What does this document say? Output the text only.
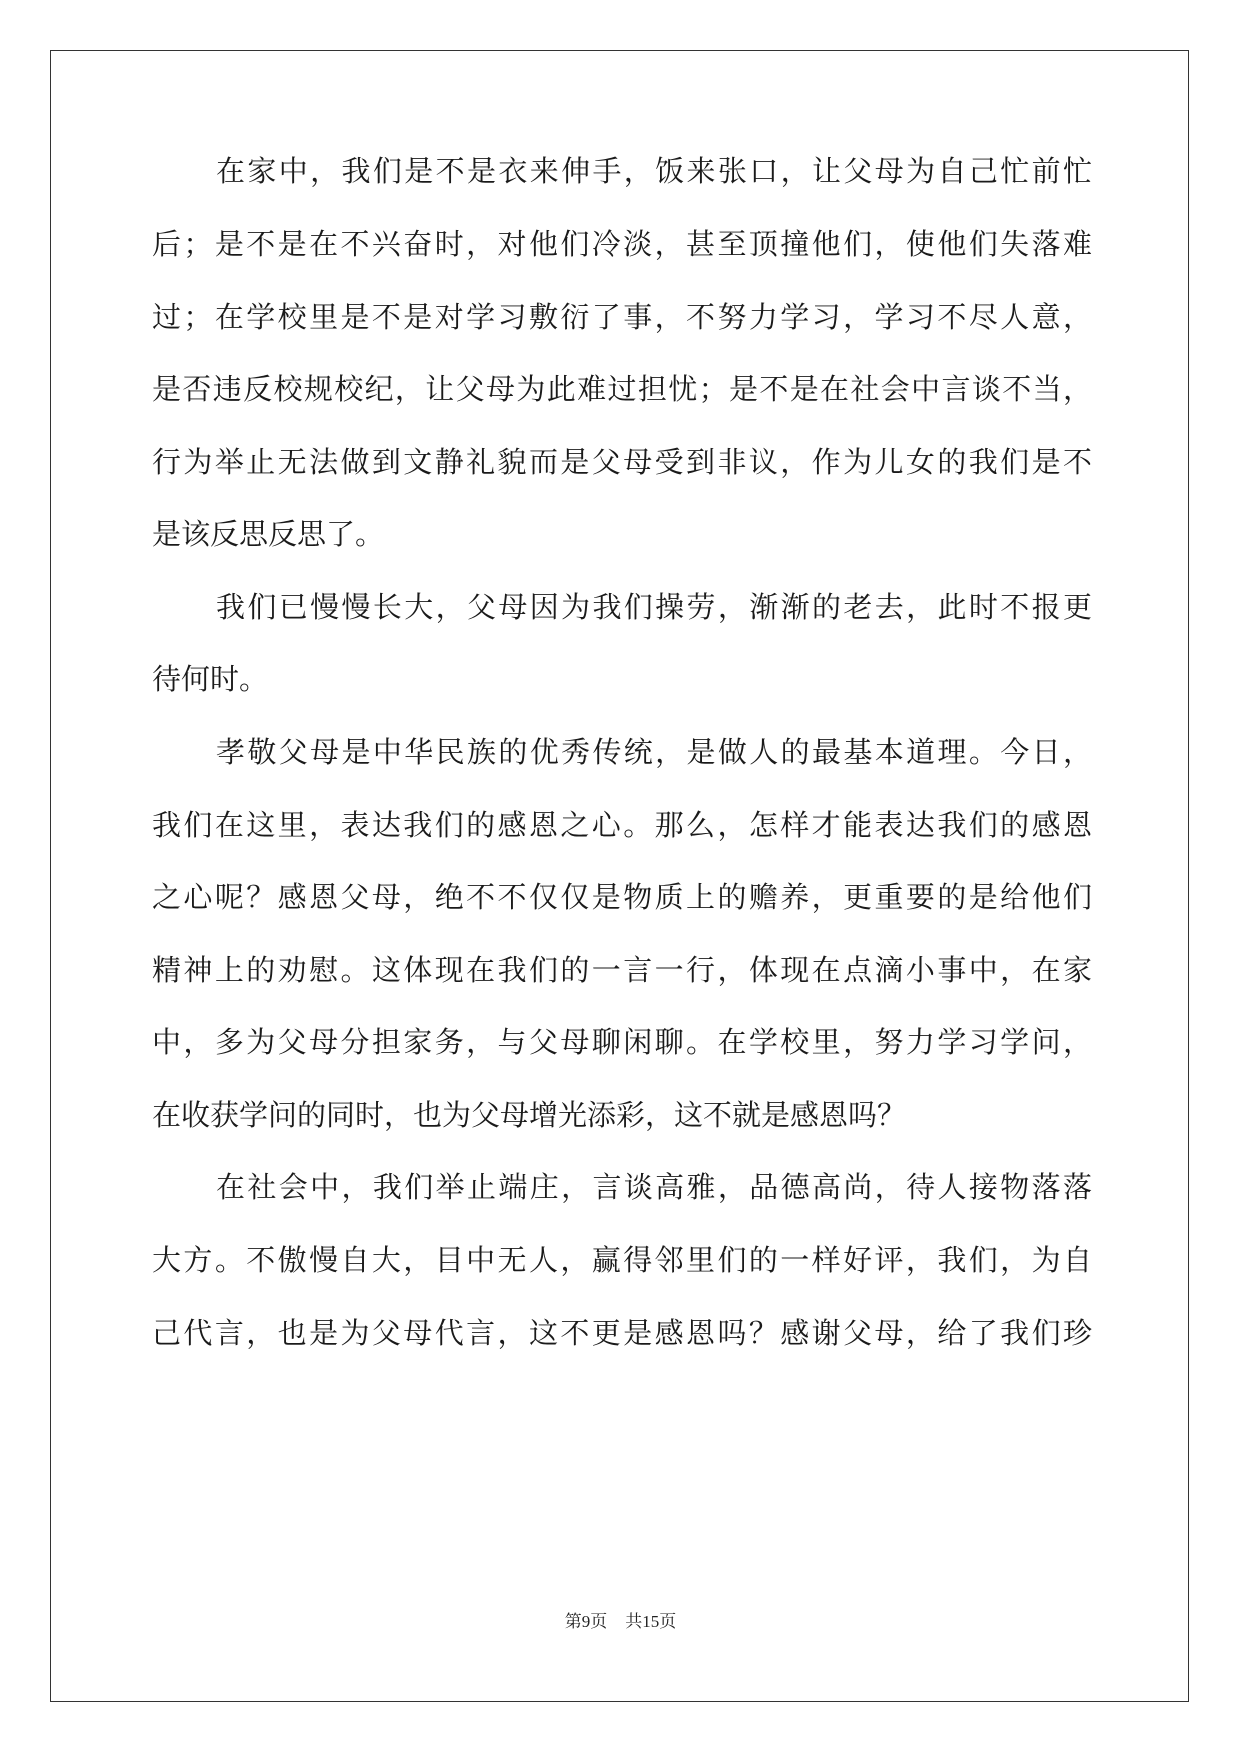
在家中，我们是不是衣来伸手，饭来张口，让父母为自己忙前忙
后；是不是在不兴奋时，对他们冷淡，甚至顶撞他们，使他们失落难
过；在学校里是不是对学习敷衍了事，不努力学习，学习不尽人意，
是否违反校规校纪，让父母为此难过担忧；是不是在社会中言谈不当，
行为举止无法做到文静礼貌而是父母受到非议，作为儿女的我们是不
是该反思反思了。
我们已慢慢长大，父母因为我们操劳，渐渐的老去，此时不报更
待何时。
孝敬父母是中华民族的优秀传统，是做人的最基本道理。今日，
我们在这里，表达我们的感恩之心。那么，怎样才能表达我们的感恩
之心呢？感恩父母，绝不不仅仅是物质上的赡养，更重要的是给他们
精神上的劝慰。这体现在我们的一言一行，体现在点滴小事中，在家
中，多为父母分担家务，与父母聊闲聊。在学校里，努力学习学问，
在收获学问的同时，也为父母增光添彩，这不就是感恩吗？
在社会中，我们举止端庄，言谈高雅，品德高尚，待人接物落落
大方。不傲慢自大，目中无人，赢得邻里们的一样好评，我们，为自
己代言，也是为父母代言，这不更是感恩吗？感谢父母，给了我们珍
第9页 共15页
